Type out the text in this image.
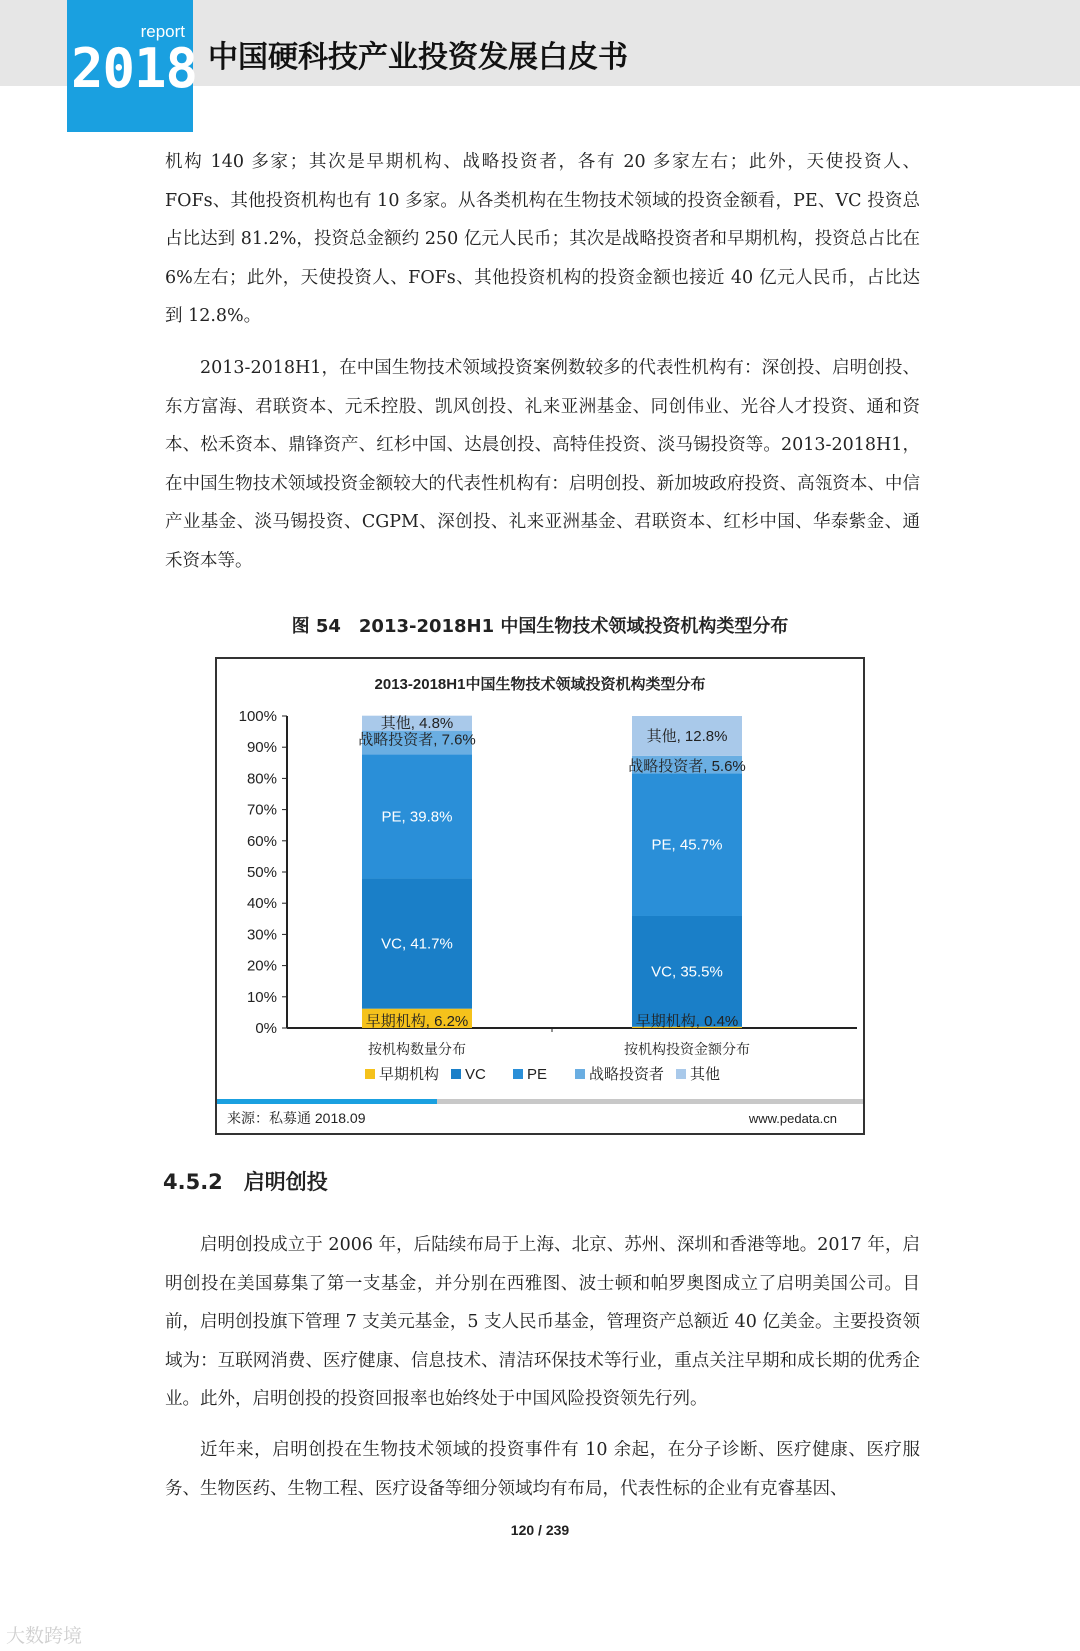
report
2018 中国硬科技产业投资发展白皮书

机构 140 多家；其次是早期机构、战略投资者，各有 20 多家左右；此外，天使投资人、FOFs、其他投资机构也有 10 多家。从各类机构在生物技术领域的投资金额看，PE、VC 投资总占比达到 81.2%，投资总金额约 250 亿元人民币；其次是战略投资者和早期机构，投资总占比在 6%左右；此外，天使投资人、FOFs、其他投资机构的投资金额也接近 40 亿元人民币，占比达到 12.8%。

2013-2018H1，在中国生物技术领域投资案例数较多的代表性机构有：深创投、启明创投、东方富海、君联资本、元禾控股、凯风创投、礼来亚洲基金、同创伟业、光谷人才投资、通和资本、松禾资本、鼎锋资产、红杉中国、达晨创投、高特佳投资、淡马锡投资等。2013-2018H1，在中国生物技术领域投资金额较大的代表性机构有：启明创投、新加坡政府投资、高瓴资本、中信产业基金、淡马锡投资、CGPM、深创投、礼来亚洲基金、君联资本、红杉中国、华泰紫金、通禾资本等。

图 54　2013-2018H1 中国生物技术领域投资机构类型分布
2013-2018H1中国生物技术领域投资机构类型分布
0%
10%
20%
30%
40%
50%
60%
70%
80%
90%
100%
早期机构, 6.2%
VC, 41.7%
PE, 39.8%
战略投资者, 7.6%
其他, 4.8%
按机构数量分布
早期机构, 0.4%
VC, 35.5%
PE, 45.7%
战略投资者, 5.6%
其他, 12.8%
按机构投资金额分布
早期机构 VC	PE	战略投资者 其他
来源：私募通 2018.09	www.pedata.cn
4.5.2　启明创投

启明创投成立于 2006 年，后陆续布局于上海、北京、苏州、深圳和香港等地。2017 年，启明创投在美国募集了第一支基金，并分别在西雅图、波士顿和帕罗奥图成立了启明美国公司。目前，启明创投旗下管理 7 支美元基金，5 支人民币基金，管理资产总额近 40 亿美金。主要投资领域为：互联网消费、医疗健康、信息技术、清洁环保技术等行业，重点关注早期和成长期的优秀企业。此外，启明创投的投资回报率也始终处于中国风险投资领先行列。

近年来，启明创投在生物技术领域的投资事件有 10 余起，在分子诊断、医疗健康、医疗服务、生物医药、生物工程、医疗设备等细分领域均有布局，代表性标的企业有克睿基因、

120 / 239
大数跨境
